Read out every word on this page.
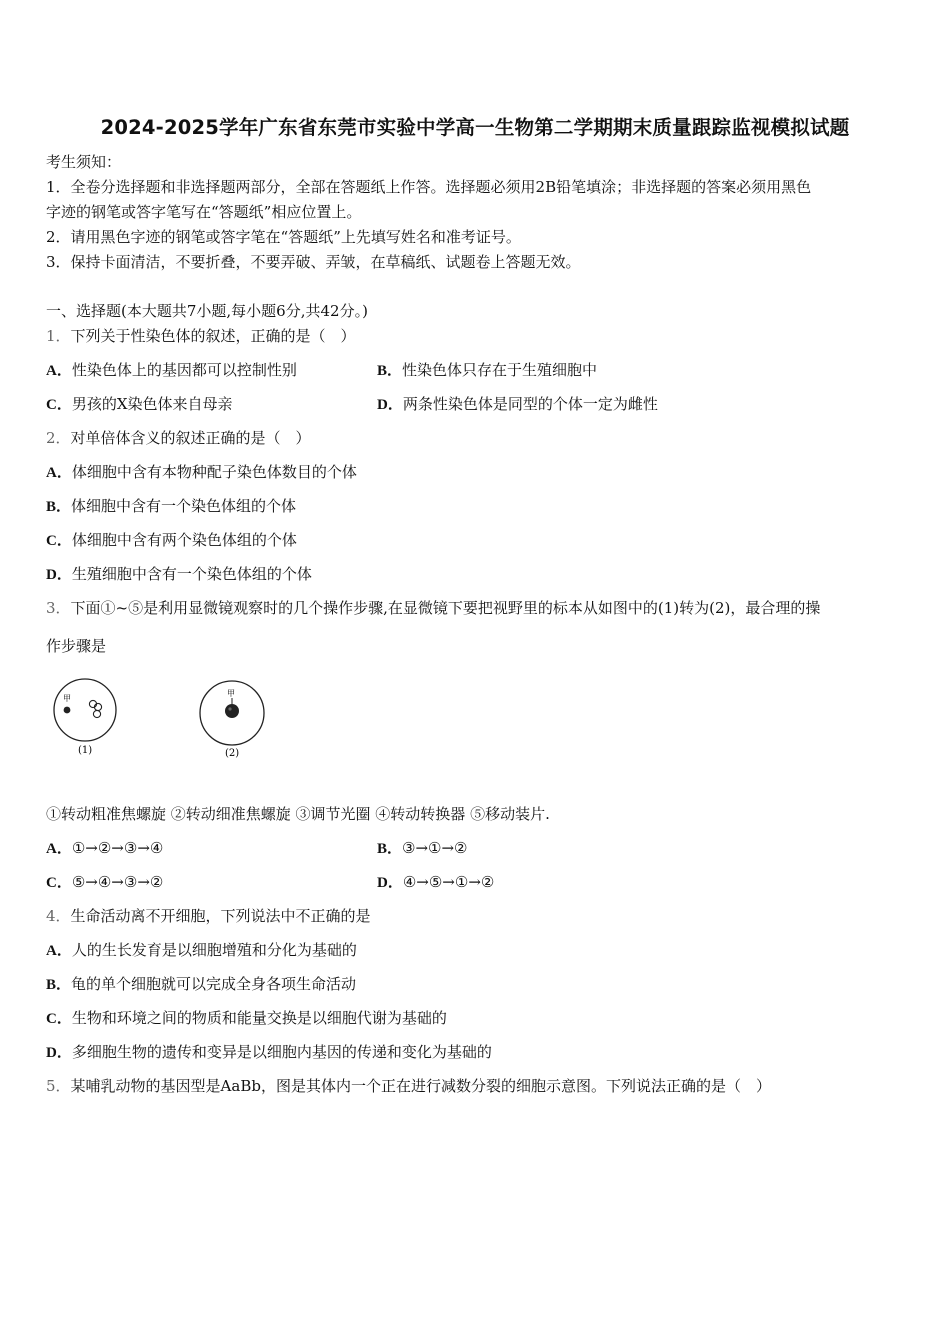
2024-2025学年广东省东莞市实验中学高一生物第二学期期末质量跟踪监视模拟试题
考生须知：
1．全卷分选择题和非选择题两部分，全部在答题纸上作答。选择题必须用2B铅笔填涂；非选择题的答案必须用黑色
字迹的钢笔或答字笔写在“答题纸”相应位置上。
2．请用黑色字迹的钢笔或答字笔在“答题纸”上先填写姓名和准考证号。
3．保持卡面清洁，不要折叠，不要弄破、弄皱，在草稿纸、试题卷上答题无效。
一、选择题(本大题共7小题,每小题6分,共42分。)
1．下列关于性染色体的叙述，正确的是（　）
A．性染色体上的基因都可以控制性别	B．性染色体只存在于生殖细胞中
C．男孩的X染色体来自母亲	D．两条性染色体是同型的个体一定为雌性
2．对单倍体含义的叙述正确的是（　）
A．体细胞中含有本物种配子染色体数目的个体
B．体细胞中含有一个染色体组的个体
C．体细胞中含有两个染色体组的个体
D．生殖细胞中含有一个染色体组的个体
3．下面①~⑤是利用显微镜观察时的几个操作步骤,在显微镜下要把视野里的标本从如图中的(1)转为(2)，最合理的操
作步骤是
甲
(1)
甲
(2)
①转动粗准焦螺旋 ②转动细准焦螺旋 ③调节光圈 ④转动转换器 ⑤移动装片.
A．①→②→③→④	B．③→①→②
C．⑤→④→③→②	D．④→⑤→①→②
4．生命活动离不开细胞，下列说法中不正确的是
A．人的生长发育是以细胞增殖和分化为基础的
B．龟的单个细胞就可以完成全身各项生命活动
C．生物和环境之间的物质和能量交换是以细胞代谢为基础的
D．多细胞生物的遗传和变异是以细胞内基因的传递和变化为基础的
5．某哺乳动物的基因型是AaBb，图是其体内一个正在进行减数分裂的细胞示意图。下列说法正确的是（　）
